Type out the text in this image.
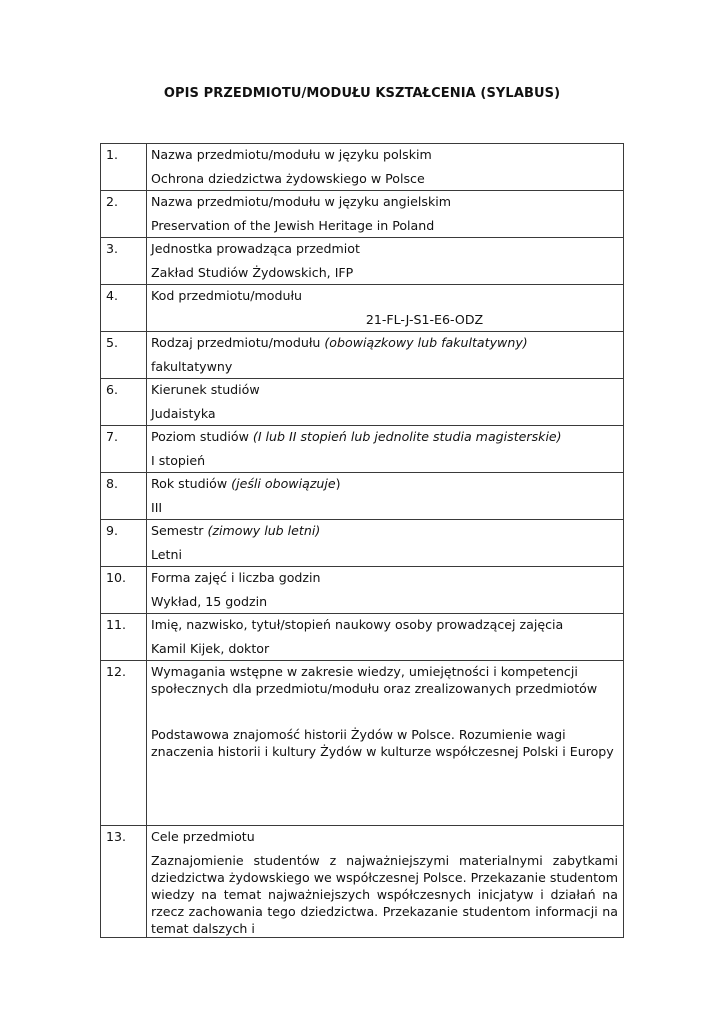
OPIS PRZEDMIOTU/MODUŁU KSZTAŁCENIA (SYLABUS)
1.	Nazwa przedmiotu/modułu w języku polskim
Ochrona dziedzictwa żydowskiego w Polsce

2.	Nazwa przedmiotu/modułu w języku angielskim
Preservation of the Jewish Heritage in Poland

3.	Jednostka prowadząca przedmiot
Zakład Studiów Żydowskich, IFP

4.	Kod przedmiotu/modułu
21-FL-J-S1-E6-ODZ

5.	Rodzaj przedmiotu/modułu (obowiązkowy lub fakultatywny)
fakultatywny

6.	Kierunek studiów
Judaistyka

7.	Poziom studiów (I lub II stopień lub jednolite studia magisterskie)
I stopień

8.	Rok studiów (jeśli obowiązuje)
III

9.	Semestr (zimowy lub letni)
Letni

10.	Forma zajęć i liczba godzin
Wykład, 15 godzin

11.	Imię, nazwisko, tytuł/stopień naukowy osoby prowadzącej zajęcia
Kamil Kijek, doktor

12.	Wymagania wstępne w zakresie wiedzy, umiejętności i kompetencji społecznych dla przedmiotu/modułu oraz zrealizowanych przedmiotów
Podstawowa znajomość historii Żydów w Polsce. Rozumienie wagi znaczenia historii i kultury Żydów w kulturze współczesnej Polski i Europy

13.	Cele przedmiotu
Zaznajomienie studentów z najważniejszymi materialnymi zabytkami dziedzictwa żydowskiego we współczesnej Polsce. Przekazanie studentom wiedzy na temat najważniejszych współczesnych inicjatyw i działań na rzecz zachowania tego dziedzictwa. Przekazanie studentom informacji na temat dalszych i
